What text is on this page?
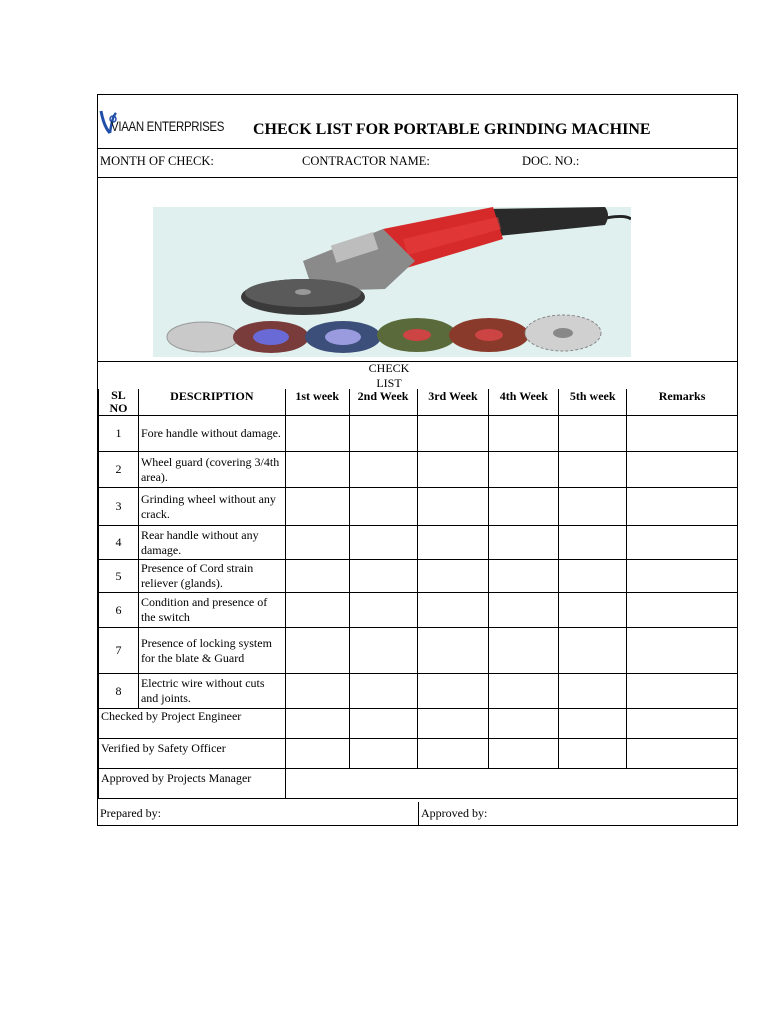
VIAAN ENTERPRISES CHECK LIST FOR PORTABLE GRINDING MACHINE
MONTH OF CHECK:	CONTRACTOR NAME:	DOC. NO.:
CHECK LIST
SL NO	DESCRIPTION	1st week	2nd Week	3rd Week	4th Week	5th week	Remarks
1	Fore handle without damage.						
2	Wheel guard (covering 3/4th area).						
3	Grinding wheel without any crack.						
4	Rear handle without any damage.						
5	Presence of Cord strain reliever (glands).						
6	Condition and presence of the switch						
7	Presence of locking system for the blate & Guard						
8	Electric wire without cuts and joints.						
Checked by Project Engineer							
Verified by Safety Officer							
Approved by Projects Manager							
Prepared by:	Approved by:
